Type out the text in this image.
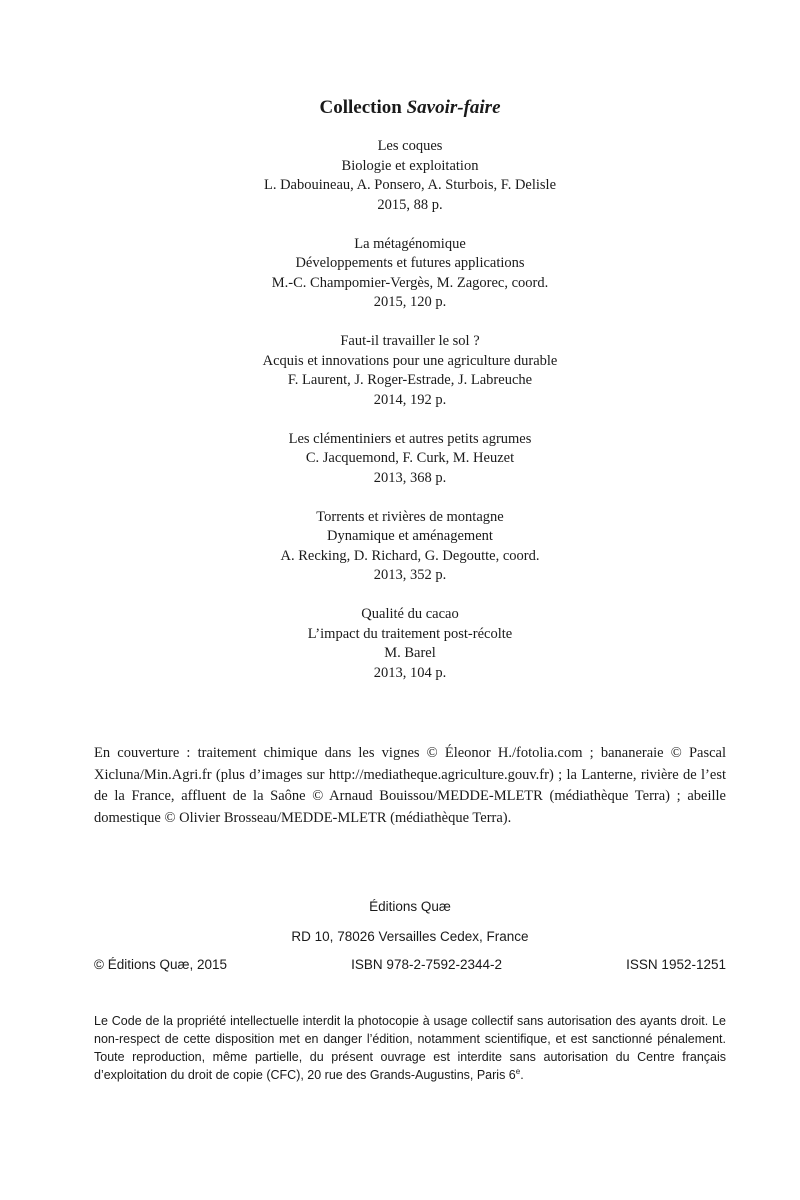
Collection Savoir-faire
Les coques
Biologie et exploitation
L. Dabouineau, A. Ponsero, A. Sturbois, F. Delisle
2015, 88 p.
La métagénomique
Développements et futures applications
M.-C. Champomier-Vergès, M. Zagorec, coord.
2015, 120 p.
Faut-il travailler le sol ?
Acquis et innovations pour une agriculture durable
F. Laurent, J. Roger-Estrade, J. Labreuche
2014, 192 p.
Les clémentiniers et autres petits agrumes
C. Jacquemond, F. Curk, M. Heuzet
2013, 368 p.
Torrents et rivières de montagne
Dynamique et aménagement
A. Recking, D. Richard, G. Degoutte, coord.
2013, 352 p.
Qualité du cacao
L’impact du traitement post-récolte
M. Barel
2013, 104 p.
En couverture : traitement chimique dans les vignes © Éleonor H./fotolia.com ; bananeraie © Pascal Xicluna/Min.Agri.fr (plus d’images sur http://mediatheque.agriculture.gouv.fr) ; la Lanterne, rivière de l’est de la France, affluent de la Saône © Arnaud Bouissou/MEDDE-MLETR (médiathèque Terra) ; abeille domestique © Olivier Brosseau/MEDDE-MLETR (médiathèque Terra).
Éditions Quæ
RD 10, 78026 Versailles Cedex, France
© Éditions Quæ, 2015	ISBN 978-2-7592-2344-2	ISSN 1952-1251
Le Code de la propriété intellectuelle interdit la photocopie à usage collectif sans autorisation des ayants droit. Le non-respect de cette disposition met en danger l’édition, notamment scientifique, et est sanctionné pénalement. Toute reproduction, même partielle, du présent ouvrage est interdite sans autorisation du Centre français d’exploitation du droit de copie (CFC), 20 rue des Grands-Augustins, Paris 6e.
